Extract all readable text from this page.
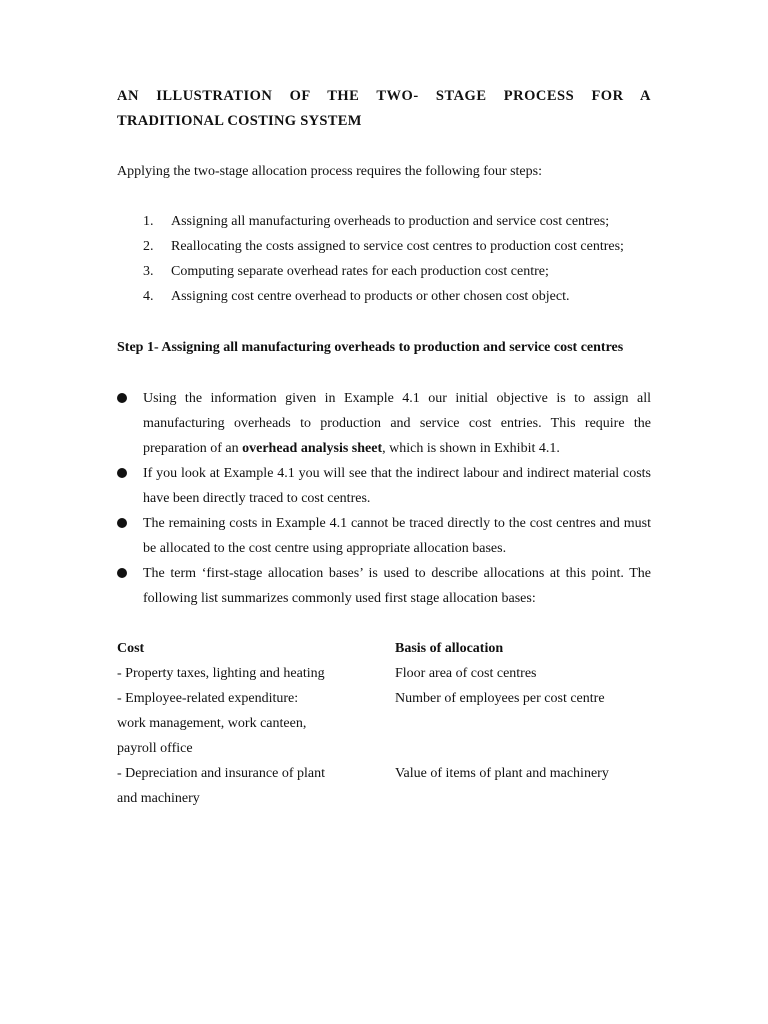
AN ILLUSTRATION OF THE TWO- STAGE PROCESS FOR A
TRADITIONAL COSTING SYSTEM

Applying the two-stage allocation process requires the following four steps:

1. Assigning all manufacturing overheads to production and service cost centres;
2. Reallocating the costs assigned to service cost centres to production cost centres;
3. Computing separate overhead rates for each production cost centre;
4. Assigning cost centre overhead to products or other chosen cost object.

Step 1- Assigning all manufacturing overheads to production and service cost centres

Using the information given in Example 4.1 our initial objective is to assign all manufacturing overheads to production and service cost entries. This require the preparation of an overhead analysis sheet, which is shown in Exhibit 4.1.
If you look at Example 4.1 you will see that the indirect labour and indirect material costs have been directly traced to cost centres.
The remaining costs in Example 4.1 cannot be traced directly to the cost centres and must be allocated to the cost centre using appropriate allocation bases.
The term ‘first-stage allocation bases’ is used to describe allocations at this point. The following list summarizes commonly used first stage allocation bases:
Cost	Basis of allocation
- Property taxes, lighting and heating	Floor area of cost centres
- Employee-related expenditure:	Number of employees per cost centre
work management, work canteen,
payroll office
- Depreciation and insurance of plant	Value of items of plant and machinery
and machinery
